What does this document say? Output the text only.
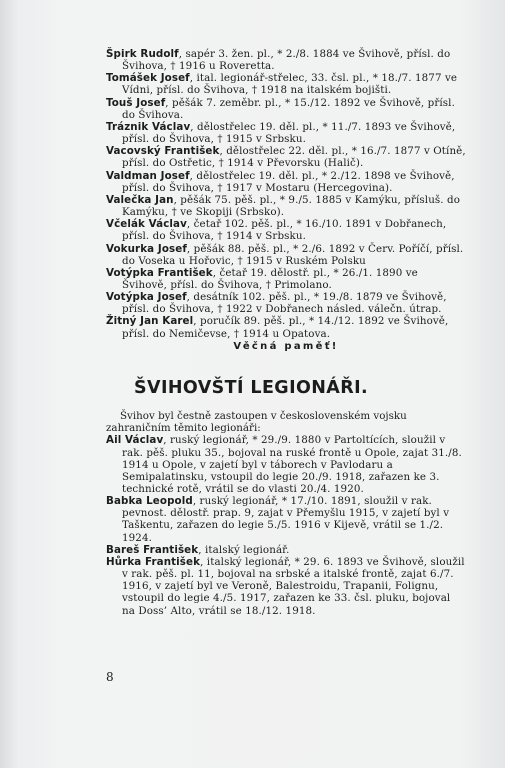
Špirk Rudolf, sapér 3. žen. pl., * 2./8. 1884 ve Švihově, přísl. do Švihova, † 1916 u Roveretta.

Tomášek Josef, ital. legionář-střelec, 33. čsl. pl., * 18./7. 1877 ve Vídni, přísl. do Švihova, † 1918 na italském bojišti.

Touš Josef, pěšák 7. zeměbr. pl., * 15./12. 1892 ve Švihově, přísl. do Švihova.

Tráznik Václav, dělostřelec 19. děl. pl., * 11./7. 1893 ve Švihově, přísl. do Švihova, † 1915 v Srbsku.

Vacovský František, dělostřelec 22. děl. pl., * 16./7. 1877 v Otíně, přísl. do Ostřetic, † 1914 v Převorsku (Halič).

Valdman Josef, dělostřelec 19. děl. pl., * 2./12. 1898 ve Švihově, přísl. do Švihova, † 1917 v Mostaru (Hercegovina).

Valečka Jan, pěšák 75. pěš. pl., * 9./5. 1885 v Kamýku, přísluš. do Kamýku, † ve Skopiji (Srbsko).

Včelák Václav, četař 102. pěš. pl., * 16./10. 1891 v Dobřanech, přísl. do Švihova, † 1914 v Srbsku.

Vokurka Josef, pěšák 88. pěš. pl., * 2./6. 1892 v Červ. Poříčí, přísl. do Voseka u Hořovic, † 1915 v Ruském Polsku

Votýpka František, četař 19. dělostř. pl., * 26./1. 1890 ve Švihově, přísl. do Švihova, † Primolano.

Votýpka Josef, desátník 102. pěš. pl., * 19./8. 1879 ve Švihově, přísl. do Švihova, † 1922 v Dobřanech násled. válečn. útrap.

Žitný Jan Karel, poručík 89. pěš. pl., * 14./12. 1892 ve Švihově, přísl. do Nemičevse, † 1914 u Opatova.

Věčná paměť!

ŠVIHOVŠTÍ LEGIONÁŘI.

Švihov byl čestně zastoupen v československém vojsku zahraničním těmito legionáři:

Ail Václav, ruský legionář, * 29./9. 1880 v Partoltících, sloužil v rak. pěš. pluku 35., bojoval na ruské frontě u Opole, zajat 31./8. 1914 u Opole, v zajetí byl v táborech v Pavlodaru a Semipalatinsku, vstoupil do legie 20./9. 1918, zařazen ke 3. technické rotě, vrátil se do vlasti 20./4. 1920.

Babka Leopold, ruský legionář, * 17./10. 1891, sloužil v rak. pevnost. dělostř. prap. 9, zajat v Přemyšlu 1915, v zajetí byl v Taškentu, zařazen do legie 5./5. 1916 v Kijevě, vrátil se 1./2. 1924.

Bareš František, italský legionář.

Hůrka František, italský legionář, * 29. 6. 1893 ve Švihově, sloužil v rak. pěš. pl. 11, bojoval na srbské a italské frontě, zajat 6./7. 1916, v zajetí byl ve Veroně, Balestroidu, Trapanii, Folignu, vstoupil do legie 4./5. 1917, zařazen ke 33. čsl. pluku, bojoval na Doss’ Alto, vrátil se 18./12. 1918.

8
